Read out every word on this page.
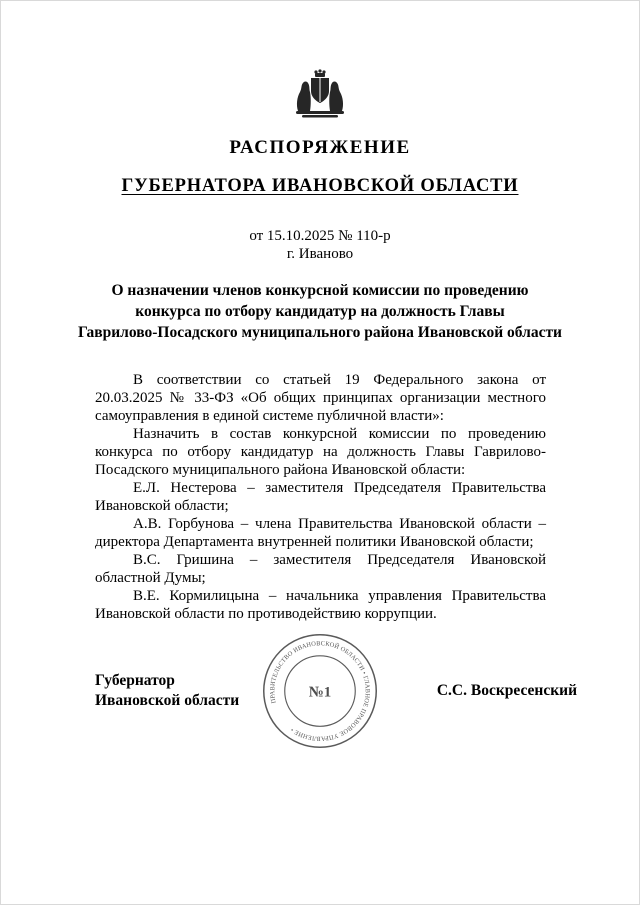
РАСПОРЯЖЕНИЕ
ГУБЕРНАТОРА ИВАНОВСКОЙ ОБЛАСТИ
от 15.10.2025 № 110-р
г. Иваново
О назначении членов конкурсной комиссии по проведению
конкурса по отбору кандидатур на должность Главы
Гаврилово-Посадского муниципального района Ивановской области

В соответствии со статьей 19 Федерального закона от 20.03.2025 № 33-ФЗ «Об общих принципах организации местного самоуправления в единой системе публичной власти»:

Назначить в состав конкурсной комиссии по проведению конкурса по отбору кандидатур на должность Главы Гаврилово-Посадского муниципального района Ивановской области:

Е.Л. Нестерова – заместителя Председателя Правительства Ивановской области;

А.В. Горбунова – члена Правительства Ивановской области – директора Департамента внутренней политики Ивановской области;

В.С. Гришина – заместителя Председателя Ивановской областной Думы;

В.Е. Кормилицына – начальника управления Правительства Ивановской области по противодействию коррупции.

Губернатор
Ивановской области	ПРАВИТЕЛЬСТВО ИВАНОВСКОЙ ОБЛАСТИ • ГЛАВНОЕ ПРАВОВОЕ УПРАВЛЕНИЕ •
№1	С.С. Воскресенский
